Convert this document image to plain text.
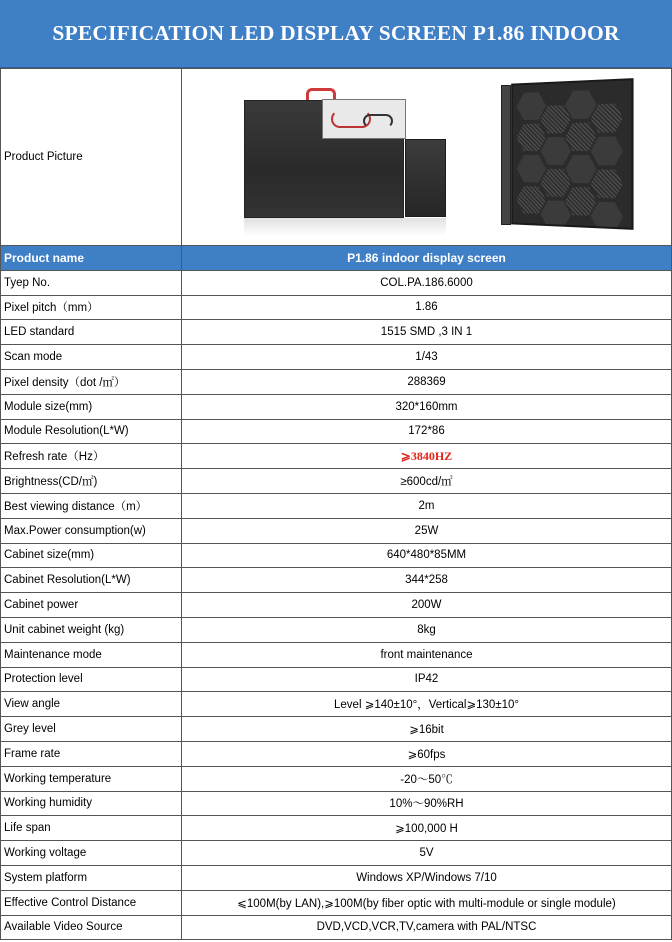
SPECIFICATION LED DISPLAY SCREEN P1.86 INDOOR
Product Picture	

Product name	P1.86 indoor display screen
Tyep No.	COL.PA.186.6000
Pixel pitch（mm）	1.86
LED standard	1515 SMD ,3 IN 1
Scan mode	1/43
Pixel density（dot /㎡）	288369
Module size(mm)	320*160mm
Module Resolution(L*W)	172*86
Refresh rate（Hz）	⩾3840HZ
Brightness(CD/㎡)	≥600cd/㎡
Best viewing distance（m）	2m
Max.Power consumption(w)	25W
Cabinet size(mm)	640*480*85MM
Cabinet Resolution(L*W)	344*258
Cabinet power	200W
Unit cabinet weight (kg)	8kg
Maintenance mode	front maintenance
Protection level	IP42
View angle	Level ⩾140±10°，Vertical⩾130±10°
Grey level	⩾16bit
Frame rate	⩾60fps
Working temperature	-20～50℃
Working humidity	10%～90%RH
Life span	⩾100,000 H
Working voltage	5V
System platform	Windows XP/Windows 7/10
Effective Control Distance	⩽100M(by LAN),⩾100M(by fiber optic with multi-module or single module)
Available Video Source	DVD,VCD,VCR,TV,camera with PAL/NTSC
